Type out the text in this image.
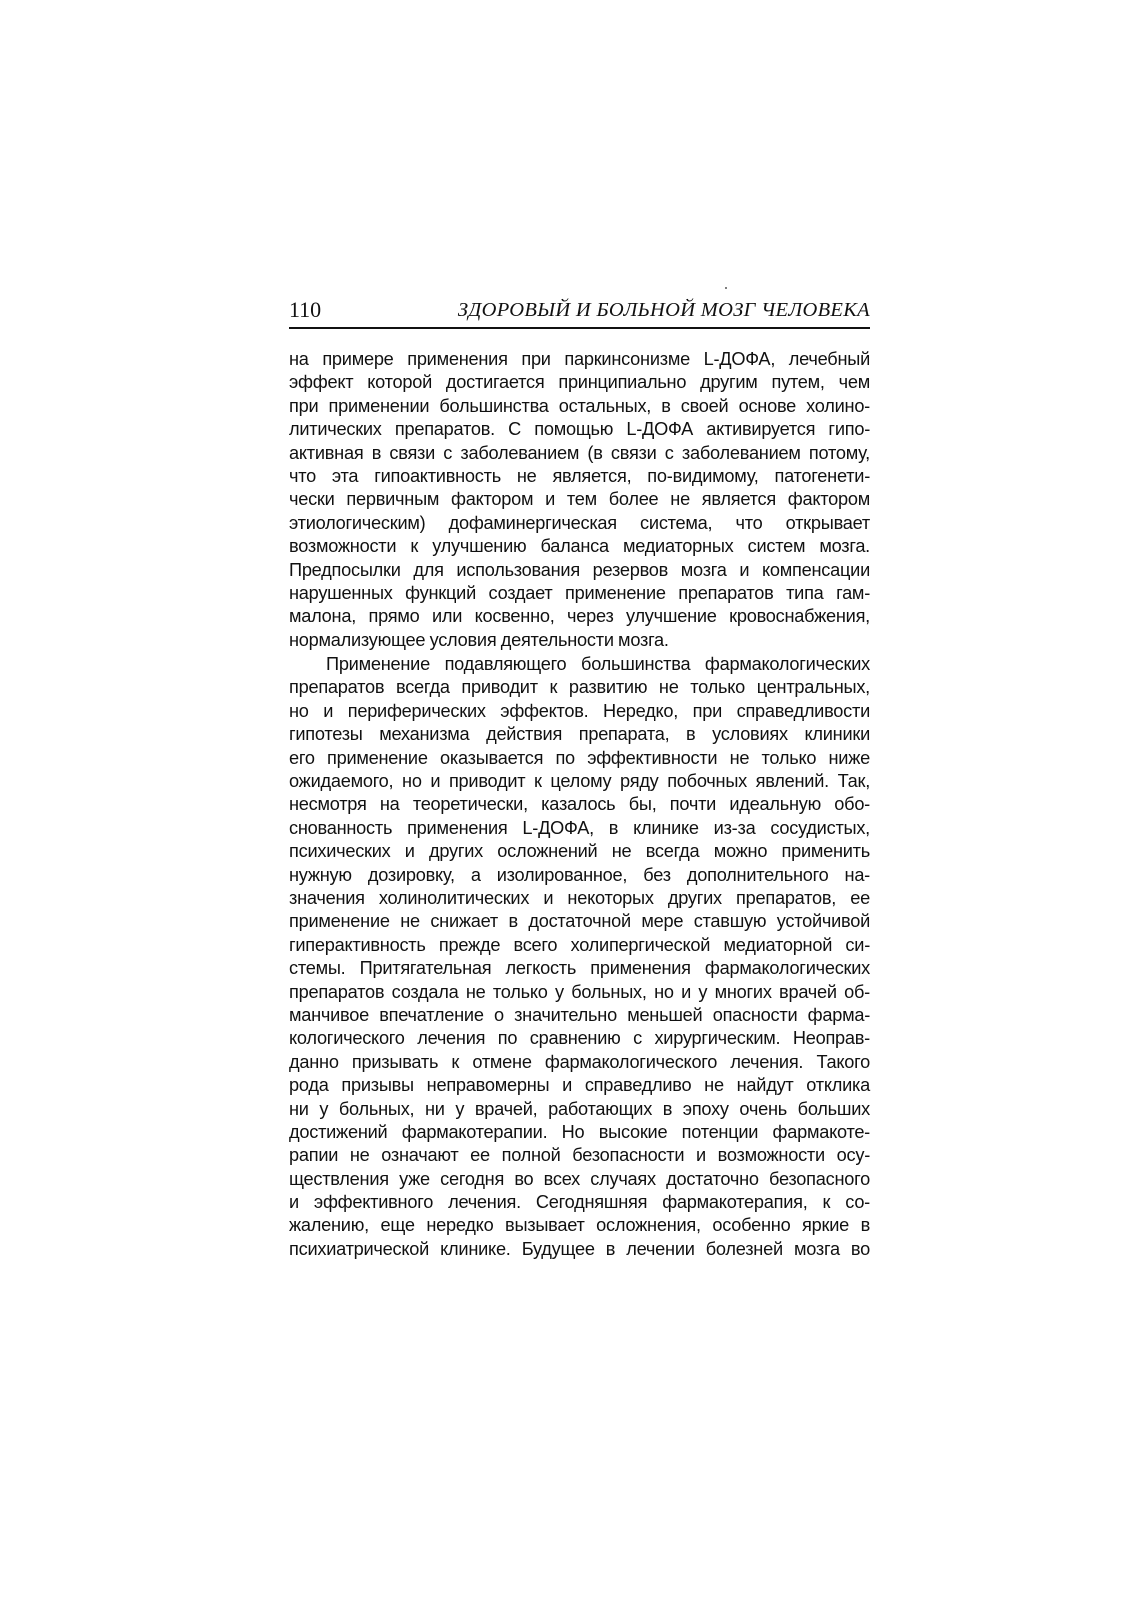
110	ЗДОРОВЫЙ И БОЛЬНОЙ МОЗГ ЧЕЛОВЕКА
на примере применения при паркинсонизме L-ДОФА, лечебный
эффект которой достигается принципиально другим путем, чем
при применении большинства остальных, в своей основе холино-
литических препаратов. С помощью L-ДОФА активируется гипо-
активная в связи с заболеванием (в связи с заболеванием потому,
что эта гипоактивность не является, по-видимому, патогенети-
чески первичным фактором и тем более не является фактором
этиологическим) дофаминергическая система, что открывает
возможности к улучшению баланса медиаторных систем мозга.
Предпосылки для использования резервов мозга и компенсации
нарушенных функций создает применение препаратов типа гам-
малона, прямо или косвенно, через улучшение кровоснабжения,
нормализующее условия деятельности мозга.
Применение подавляющего большинства фармакологических
препаратов всегда приводит к развитию не только центральных,
но и периферических эффектов. Нередко, при справедливости
гипотезы механизма действия препарата, в условиях клиники
его применение оказывается по эффективности не только ниже
ожидаемого, но и приводит к целому ряду побочных явлений. Так,
несмотря на теоретически, казалось бы, почти идеальную обо-
снованность применения L-ДОФА, в клинике из-за сосудистых,
психических и других осложнений не всегда можно применить
нужную дозировку, а изолированное, без дополнительного на-
значения холинолитических и некоторых других препаратов, ее
применение не снижает в достаточной мере ставшую устойчивой
гиперактивность прежде всего холипергической медиаторной си-
стемы. Притягательная легкость применения фармакологических
препаратов создала не только у больных, но и у многих врачей об-
манчивое впечатление о значительно меньшей опасности фарма-
кологического лечения по сравнению с хирургическим. Неоправ-
данно призывать к отмене фармакологического лечения. Такого
рода призывы неправомерны и справедливо не найдут отклика
ни у больных, ни у врачей, работающих в эпоху очень больших
достижений фармакотерапии. Но высокие потенции фармакоте-
рапии не означают ее полной безопасности и возможности осу-
ществления уже сегодня во всех случаях достаточно безопасного
и эффективного лечения. Сегодняшняя фармакотерапия, к со-
жалению, еще нередко вызывает осложнения, особенно яркие в
психиатрической клинике. Будущее в лечении болезней мозга во
